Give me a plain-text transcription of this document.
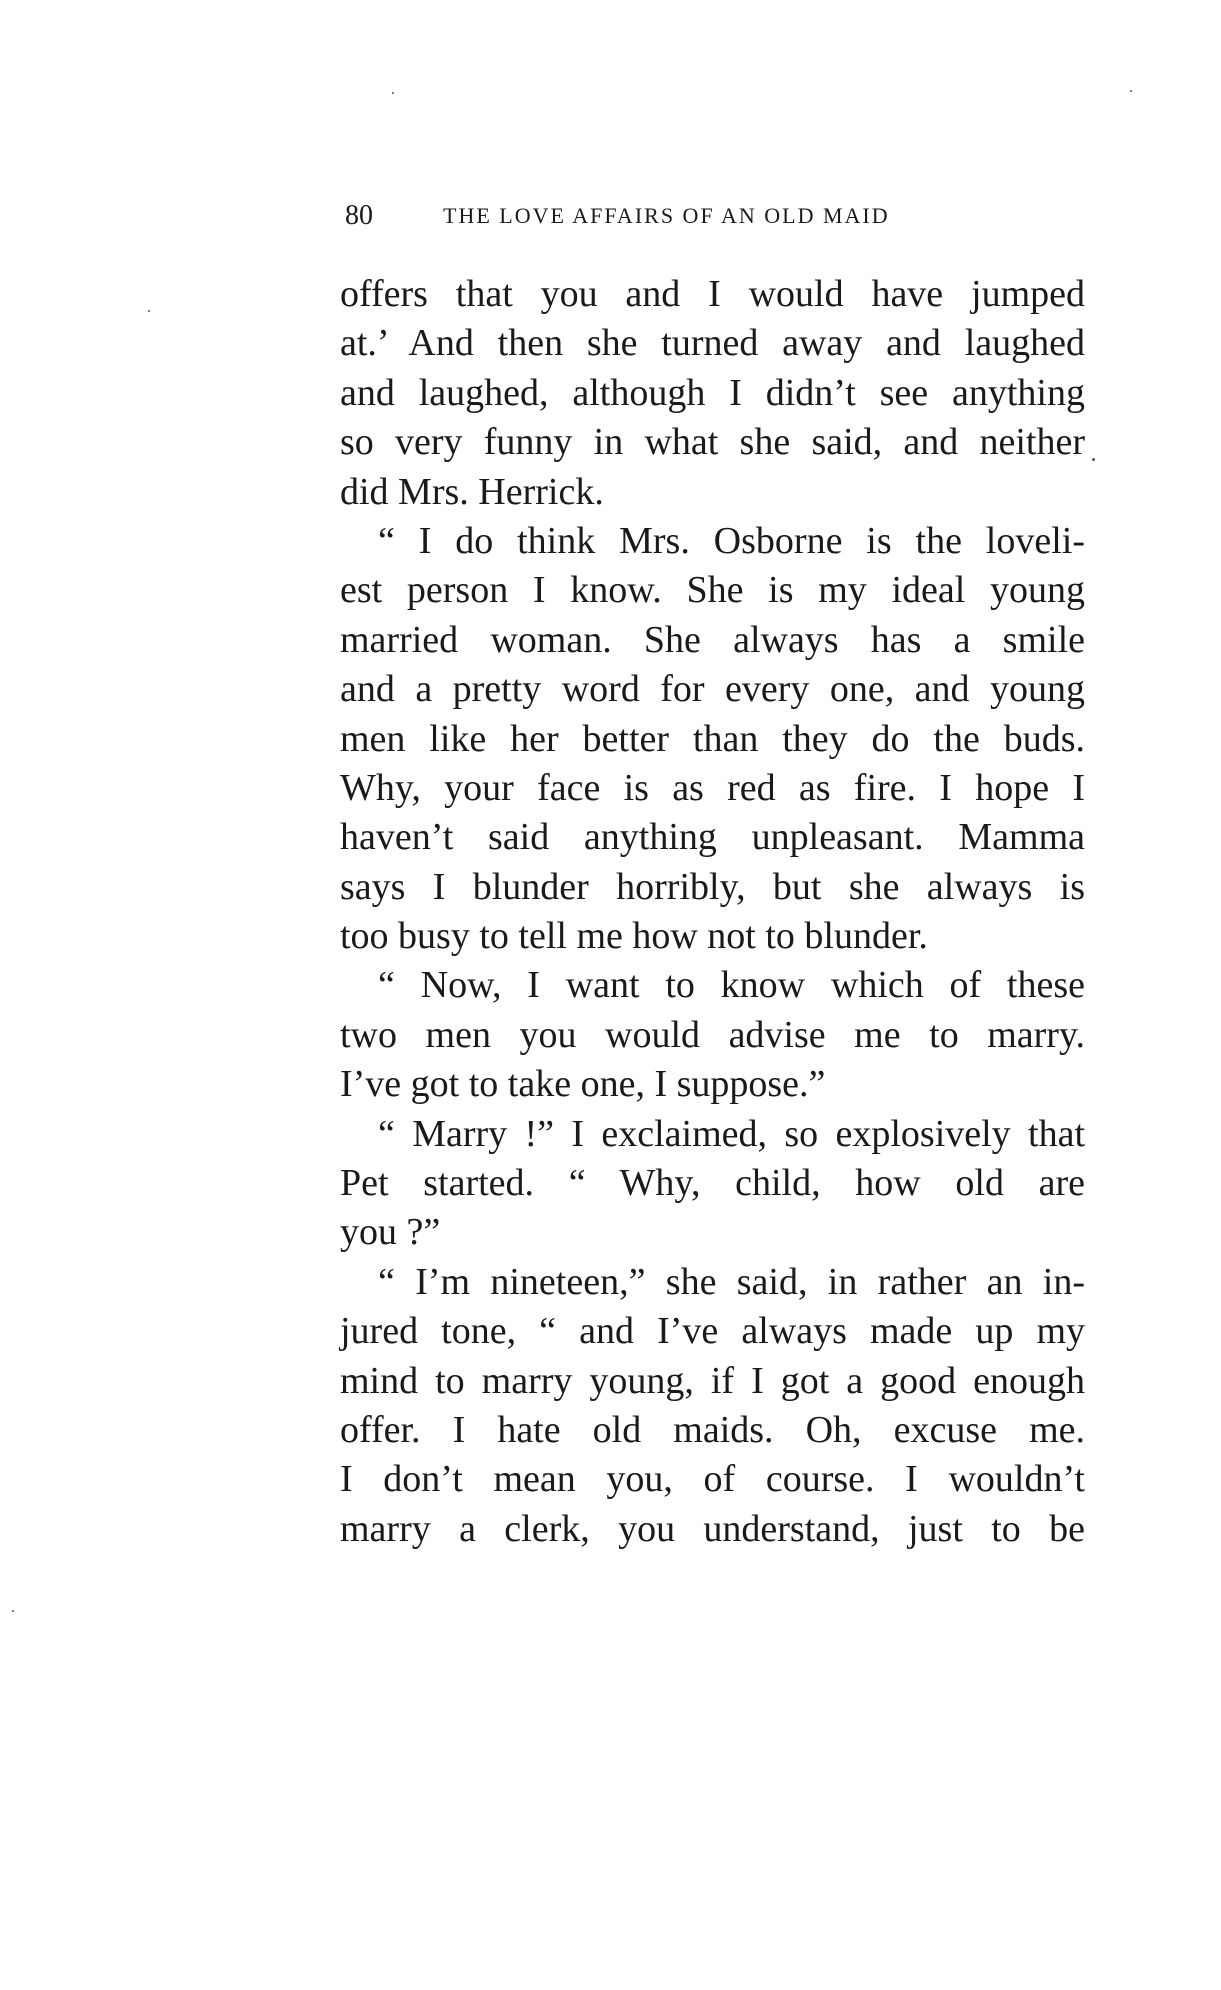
80	THE LOVE AFFAIRS OF AN OLD MAID
offers that you and I would have jumped
at.’ And then she turned away and laughed
and laughed, although I didn’t see anything
so very funny in what she said, and neither
did Mrs. Herrick.
“ I do think Mrs. Osborne is the loveli-
est person I know. She is my ideal young
married woman. She always has a smile
and a pretty word for every one, and young
men like her better than they do the buds.
Why, your face is as red as fire. I hope I
haven’t said anything unpleasant. Mamma
says I blunder horribly, but she always is
too busy to tell me how not to blunder.
“ Now, I want to know which of these
two men you would advise me to marry.
I’ve got to take one, I suppose.”
“ Marry !” I exclaimed, so explosively that
Pet started. “ Why, child, how old are
you ?”
“ I’m nineteen,” she said, in rather an in-
jured tone, “ and I’ve always made up my
mind to marry young, if I got a good enough
offer. I hate old maids. Oh, excuse me.
I don’t mean you, of course. I wouldn’t
marry a clerk, you understand, just to be
